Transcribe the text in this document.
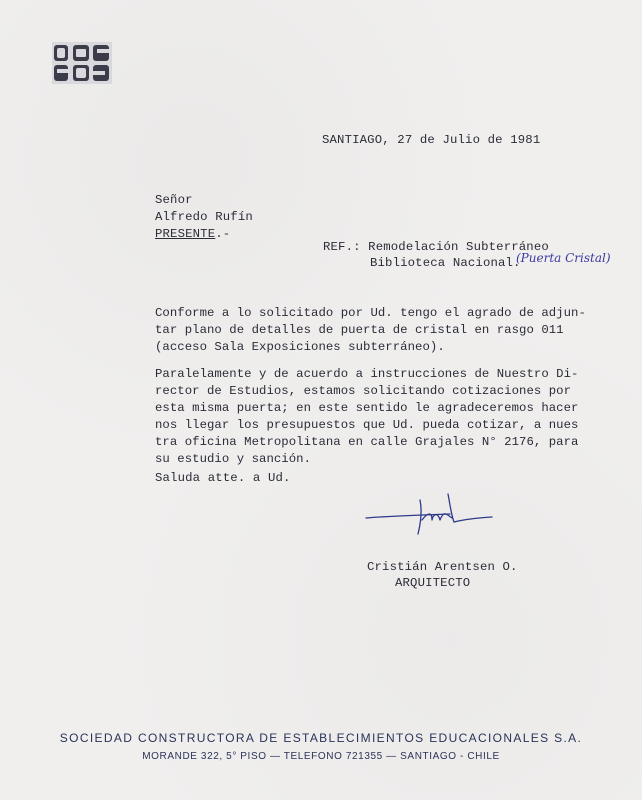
SANTIAGO, 27 de Julio de 1981
Señor
Alfredo Rufín
PRESENTE.-
REF.: Remodelación Subterráneo
Biblioteca Nacional.
(Puerta Cristal)
Conforme a lo solicitado por Ud. tengo el agrado de adjun-
tar plano de detalles de puerta de cristal en rasgo 011
(acceso Sala Exposiciones subterráneo).
Paralelamente y de acuerdo a instrucciones de Nuestro Di-
rector de Estudios, estamos solicitando cotizaciones por
esta misma puerta; en este sentido le agradeceremos hacer
nos llegar los presupuestos que Ud. pueda cotizar, a nues
tra oficina Metropolitana en calle Grajales N° 2176, para
su estudio y sanción.
Saluda atte. a Ud.
Cristián Arentsen O.
ARQUITECTO
SOCIEDAD CONSTRUCTORA DE ESTABLECIMIENTOS EDUCACIONALES S.A.
MORANDE 322, 5° PISO — TELEFONO 721355 — SANTIAGO - CHILE
